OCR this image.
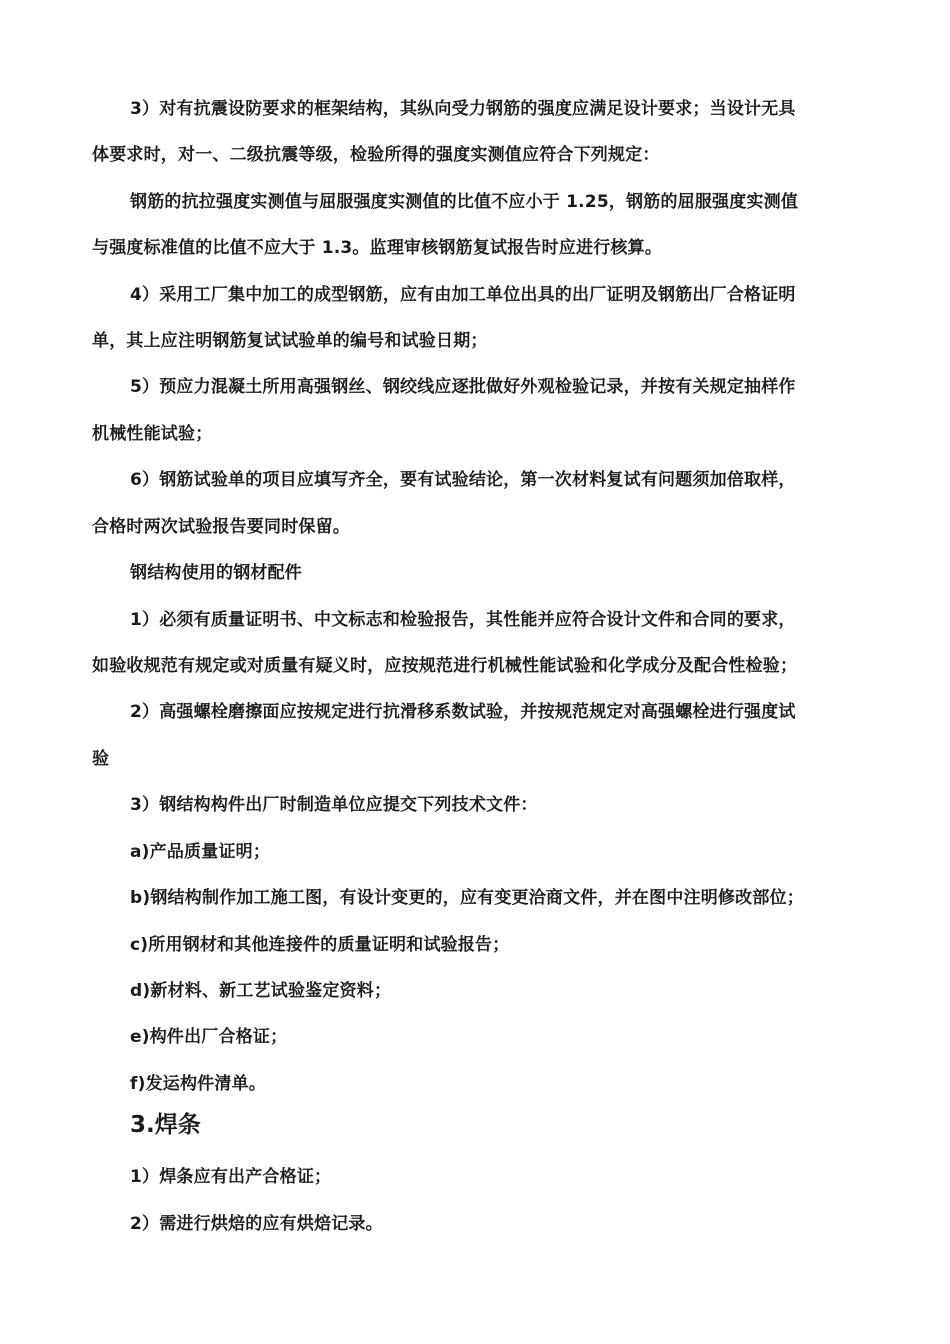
3）对有抗震设防要求的框架结构，其纵向受力钢筋的强度应满足设计要求；当设计无具

体要求时，对一、二级抗震等级，检验所得的强度实测值应符合下列规定：

钢筋的抗拉强度实测值与屈服强度实测值的比值不应小于 1.25，钢筋的屈服强度实测值

与强度标准值的比值不应大于 1.3。监理审核钢筋复试报告时应进行核算。

4）采用工厂集中加工的成型钢筋，应有由加工单位出具的出厂证明及钢筋出厂合格证明

单，其上应注明钢筋复试试验单的编号和试验日期；

5）预应力混凝土所用高强钢丝、钢绞线应逐批做好外观检验记录，并按有关规定抽样作

机械性能试验；

6）钢筋试验单的项目应填写齐全，要有试验结论，第一次材料复试有问题须加倍取样，

合格时两次试验报告要同时保留。

钢结构使用的钢材配件

1）必须有质量证明书、中文标志和检验报告，其性能并应符合设计文件和合同的要求，

如验收规范有规定或对质量有疑义时，应按规范进行机械性能试验和化学成分及配合性检验；

2）高强螺栓磨擦面应按规定进行抗滑移系数试验，并按规范规定对高强螺栓进行强度试

验

3）钢结构构件出厂时制造单位应提交下列技术文件：

a)产品质量证明；

b)钢结构制作加工施工图，有设计变更的，应有变更洽商文件，并在图中注明修改部位；

c)所用钢材和其他连接件的质量证明和试验报告；

d)新材料、新工艺试验鉴定资料；

e)构件出厂合格证；

f)发运构件清单。

3.焊条

1）焊条应有出产合格证；

2）需进行烘焙的应有烘焙记录。
